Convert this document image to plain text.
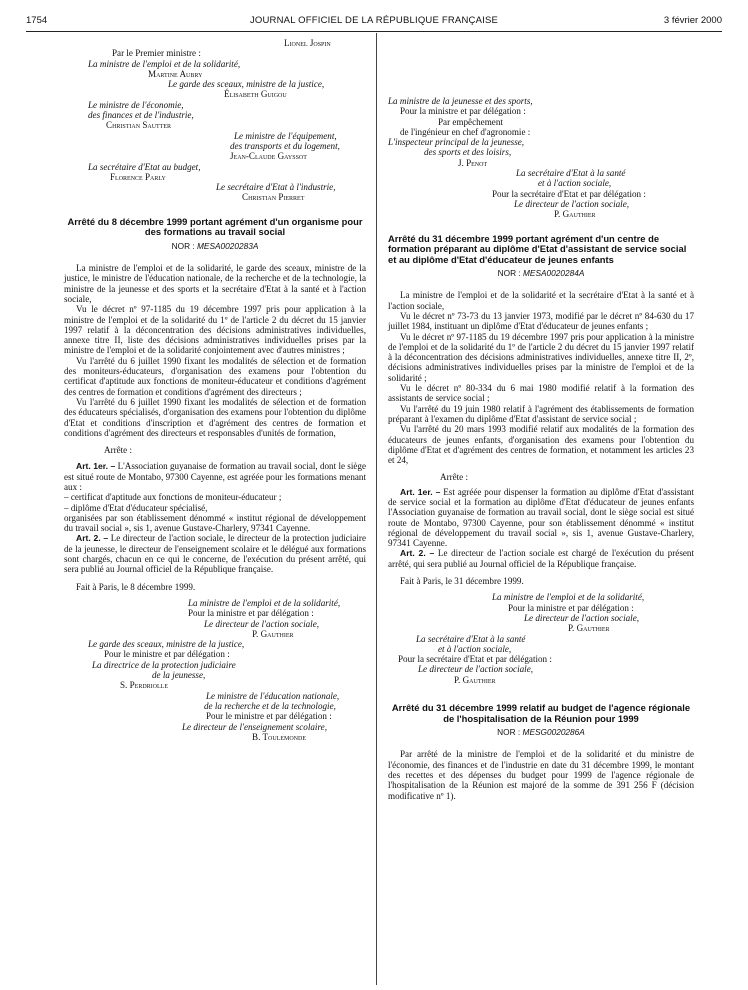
1754	JOURNAL OFFICIEL DE LA RÉPUBLIQUE FRANÇAISE	3 février 2000
Lionel Jospin
Par le Premier ministre :
La ministre de l'emploi et de la solidarité,
Martine Aubry
Le garde des sceaux, ministre de la justice,
Élisabeth Guigou
Le ministre de l'économie,
des finances et de l'industrie,
Christian Sautter
Le ministre de l'équipement,
des transports et du logement,
Jean-Claude Gayssot
La secrétaire d'Etat au budget,
Florence Parly
Le secrétaire d'Etat à l'industrie,
Christian Pierret
Arrêté du 8 décembre 1999 portant agrément d'un organisme pour des formations au travail social
NOR : MESA0020283A
La ministre de l'emploi et de la solidarité, le garde des sceaux, ministre de la justice, le ministre de l'éducation nationale, de la recherche et de la technologie, la ministre de la jeunesse et des sports et la secrétaire d'Etat à la santé et à l'action sociale,
Vu le décret nº 97-1185 du 19 décembre 1997 pris pour application à la ministre de l'emploi et de la solidarité du 1º de l'article 2 du décret du 15 janvier 1997 relatif à la déconcentration des décisions administratives individuelles, annexe titre II, liste des décisions administratives individuelles prises par la ministre de l'emploi et de la solidarité conjointement avec d'autres ministres ;
Vu l'arrêté du 6 juillet 1990 fixant les modalités de sélection et de formation des moniteurs-éducateurs, d'organisation des examens pour l'obtention du certificat d'aptitude aux fonctions de moniteur-éducateur et conditions d'agrément des centres de formation et conditions d'agrément des directeurs ;
Vu l'arrêté du 6 juillet 1990 fixant les modalités de sélection et de formation des éducateurs spécialisés, d'organisation des examens pour l'obtention du diplôme d'Etat et conditions d'inscription et d'agrément des centres de formation et conditions d'agrément des directeurs et responsables d'unités de formation,
Arrête :
Art. 1er. – L'Association guyanaise de formation au travail social, dont le siège est situé route de Montabo, 97300 Cayenne, est agréée pour les formations menant aux :
– certificat d'aptitude aux fonctions de moniteur-éducateur ;
– diplôme d'Etat d'éducateur spécialisé,
organisées par son établissement dénommé « institut régional de développement du travail social », sis 1, avenue Gustave-Charlery, 97341 Cayenne.
Art. 2. – Le directeur de l'action sociale, le directeur de la protection judiciaire de la jeunesse, le directeur de l'enseignement scolaire et le délégué aux formations sont chargés, chacun en ce qui le concerne, de l'exécution du présent arrêté, qui sera publié au Journal officiel de la République française.
Fait à Paris, le 8 décembre 1999.
La ministre de l'emploi et de la solidarité,
Pour la ministre et par délégation :
Le directeur de l'action sociale,
P. Gauthier
Le garde des sceaux, ministre de la justice,
Pour le ministre et par délégation :
La directrice de la protection judiciaire
de la jeunesse,
S. Perdriolle
Le ministre de l'éducation nationale,
de la recherche et de la technologie,
Pour le ministre et par délégation :
Le directeur de l'enseignement scolaire,
B. Toulemonde
La ministre de la jeunesse et des sports,
Pour la ministre et par délégation :
Par empêchement
de l'ingénieur en chef d'agronomie :
L'inspecteur principal de la jeunesse,
des sports et des loisirs,
J. Penot
La secrétaire d'Etat à la santé
et à l'action sociale,
Pour la secrétaire d'Etat et par délégation :
Le directeur de l'action sociale,
P. Gauthier
Arrêté du 31 décembre 1999 portant agrément d'un centre de formation préparant au diplôme d'Etat d'assistant de service social et au diplôme d'Etat d'éducateur de jeunes enfants
NOR : MESA0020284A
La ministre de l'emploi et de la solidarité et la secrétaire d'Etat à la santé et à l'action sociale,
Vu le décret nº 73-73 du 13 janvier 1973, modifié par le décret nº 84-630 du 17 juillet 1984, instituant un diplôme d'Etat d'éducateur de jeunes enfants ;
Vu le décret nº 97-1185 du 19 décembre 1997 pris pour application à la ministre de l'emploi et de la solidarité du 1º de l'article 2 du décret du 15 janvier 1997 relatif à la déconcentration des décisions administratives individuelles, annexe titre II, 2º, décisions administratives individuelles prises par la ministre de l'emploi et de la solidarité ;
Vu le décret nº 80-334 du 6 mai 1980 modifié relatif à la formation des assistants de service social ;
Vu l'arrêté du 19 juin 1980 relatif à l'agrément des établissements de formation préparant à l'examen du diplôme d'Etat d'assistant de service social ;
Vu l'arrêté du 20 mars 1993 modifié relatif aux modalités de la formation des éducateurs de jeunes enfants, d'organisation des examens pour l'obtention du diplôme d'Etat et d'agrément des centres de formation, et notamment les articles 23 et 24,
Arrête :
Art. 1er. – Est agréée pour dispenser la formation au diplôme d'Etat d'assistant de service social et la formation au diplôme d'Etat d'éducateur de jeunes enfants l'Association guyanaise de formation au travail social, dont le siège social est situé route de Montabo, 97300 Cayenne, pour son établissement dénommé « institut régional de développement du travail social », sis 1, avenue Gustave-Charlery, 97341 Cayenne.
Art. 2. – Le directeur de l'action sociale est chargé de l'exécution du présent arrêté, qui sera publié au Journal officiel de la République française.
Fait à Paris, le 31 décembre 1999.
La ministre de l'emploi et de la solidarité,
Pour la ministre et par délégation :
Le directeur de l'action sociale,
P. Gauthier
La secrétaire d'Etat à la santé
et à l'action sociale,
Pour la secrétaire d'Etat et par délégation :
Le directeur de l'action sociale,
P. Gauthier
Arrêté du 31 décembre 1999 relatif au budget de l'agence régionale de l'hospitalisation de la Réunion pour 1999
NOR : MESG0020286A
Par arrêté de la ministre de l'emploi et de la solidarité et du ministre de l'économie, des finances et de l'industrie en date du 31 décembre 1999, le montant des recettes et des dépenses du budget pour 1999 de l'agence régionale de l'hospitalisation de la Réunion est majoré de la somme de 391 256 F (décision modificative nº 1).
